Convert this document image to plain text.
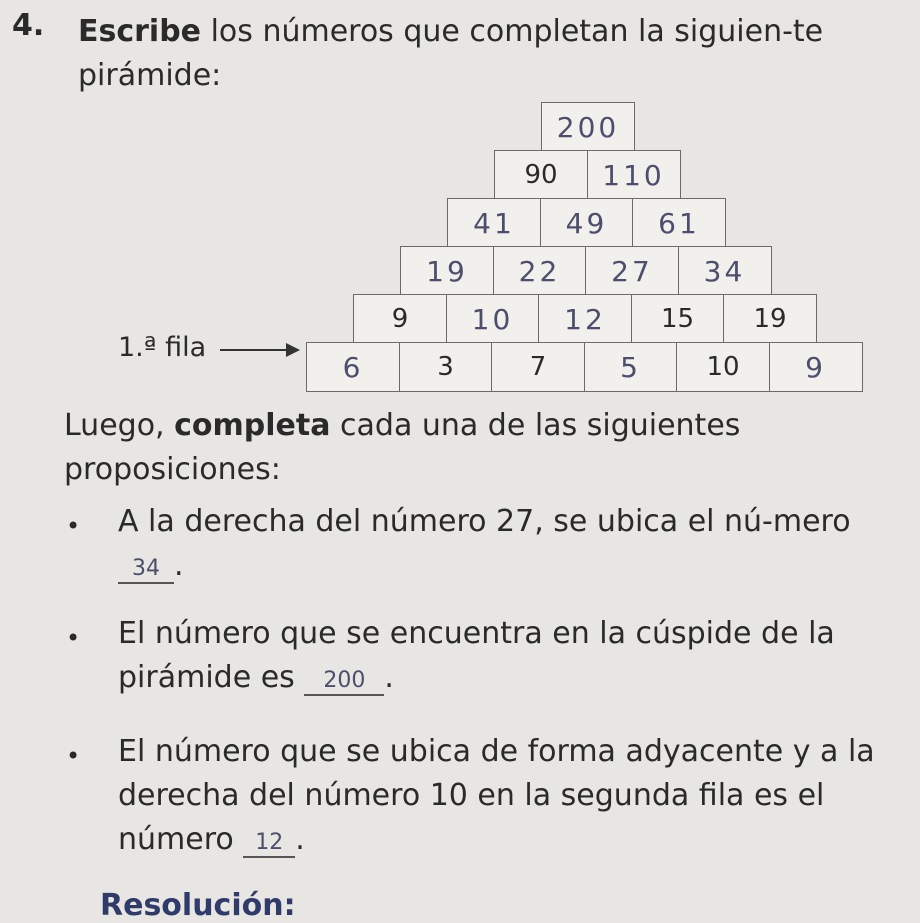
4. Escribe los números que completan la siguien-te pirámide:
200
90	110
41	49	61
19	22	27	34
9	10	12	15	19
6	3	7	5	10	9
1.ª fila
Luego, completa cada una de las siguientes proposiciones:
• A la derecha del número 27, se ubica el nú-mero 34 .
• El número que se encuentra en la cúspide de la pirámide es 200 .
• El número que se ubica de forma adyacente y a la derecha del número 10 en la segunda fila es el número 12 .
Resolución:
